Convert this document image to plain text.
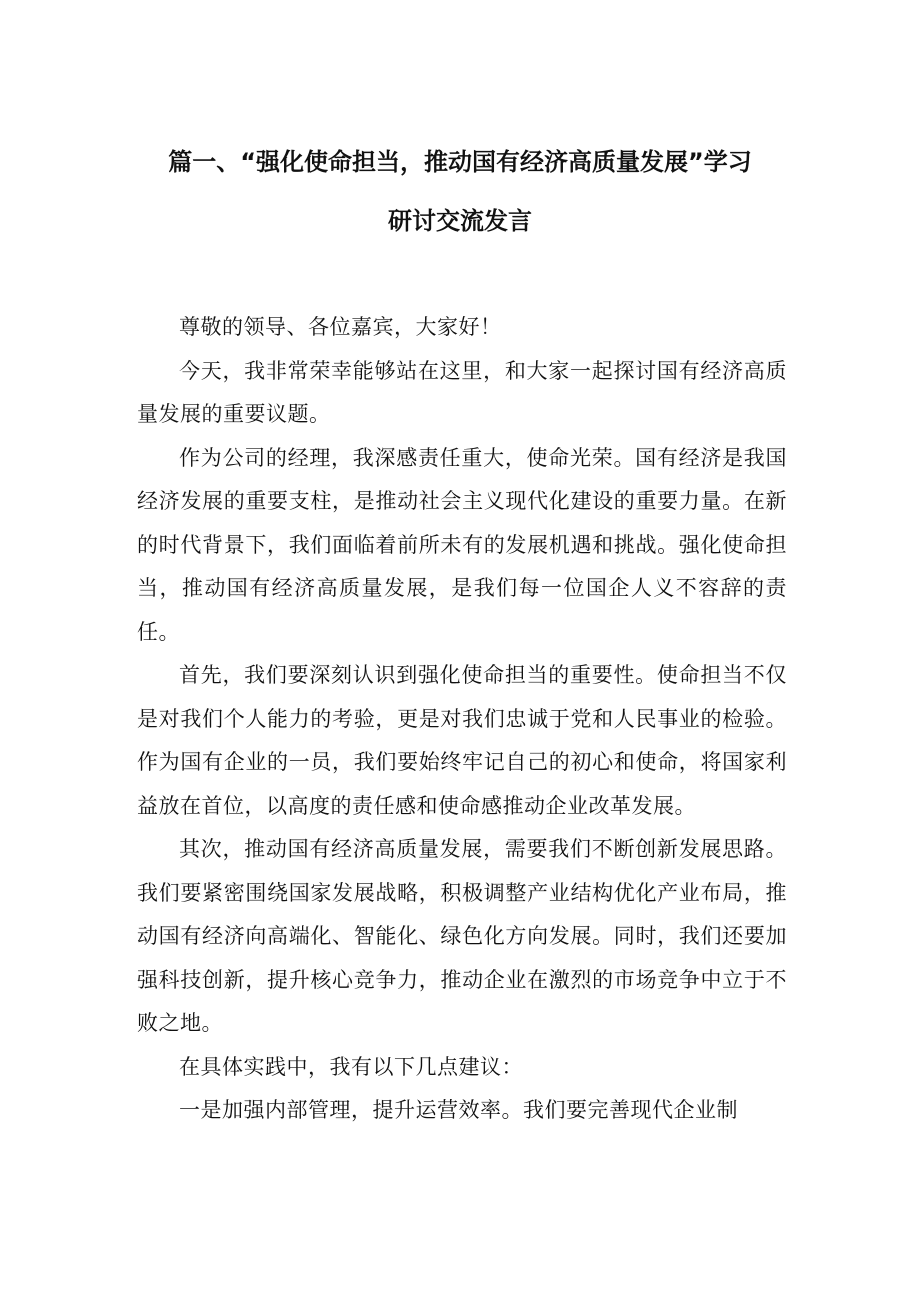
篇一、“强化使命担当，推动国有经济高质量发展”学习
研讨交流发言

尊敬的领导、各位嘉宾，大家好！

今天，我非常荣幸能够站在这里，和大家一起探讨国有经济高质量发展的重要议题。

作为公司的经理，我深感责任重大，使命光荣。国有经济是我国经济发展的重要支柱，是推动社会主义现代化建设的重要力量。在新的时代背景下，我们面临着前所未有的发展机遇和挑战。强化使命担当，推动国有经济高质量发展，是我们每一位国企人义不容辞的责任。

首先，我们要深刻认识到强化使命担当的重要性。使命担当不仅是对我们个人能力的考验，更是对我们忠诚于党和人民事业的检验。作为国有企业的一员，我们要始终牢记自己的初心和使命，将国家利益放在首位，以高度的责任感和使命感推动企业改革发展。

其次，推动国有经济高质量发展，需要我们不断创新发展思路。我们要紧密围绕国家发展战略，积极调整产业结构优化产业布局，推动国有经济向高端化、智能化、绿色化方向发展。同时，我们还要加强科技创新，提升核心竞争力，推动企业在激烈的市场竞争中立于不败之地。

在具体实践中，我有以下几点建议：

一是加强内部管理，提升运营效率。我们要完善现代企业制
